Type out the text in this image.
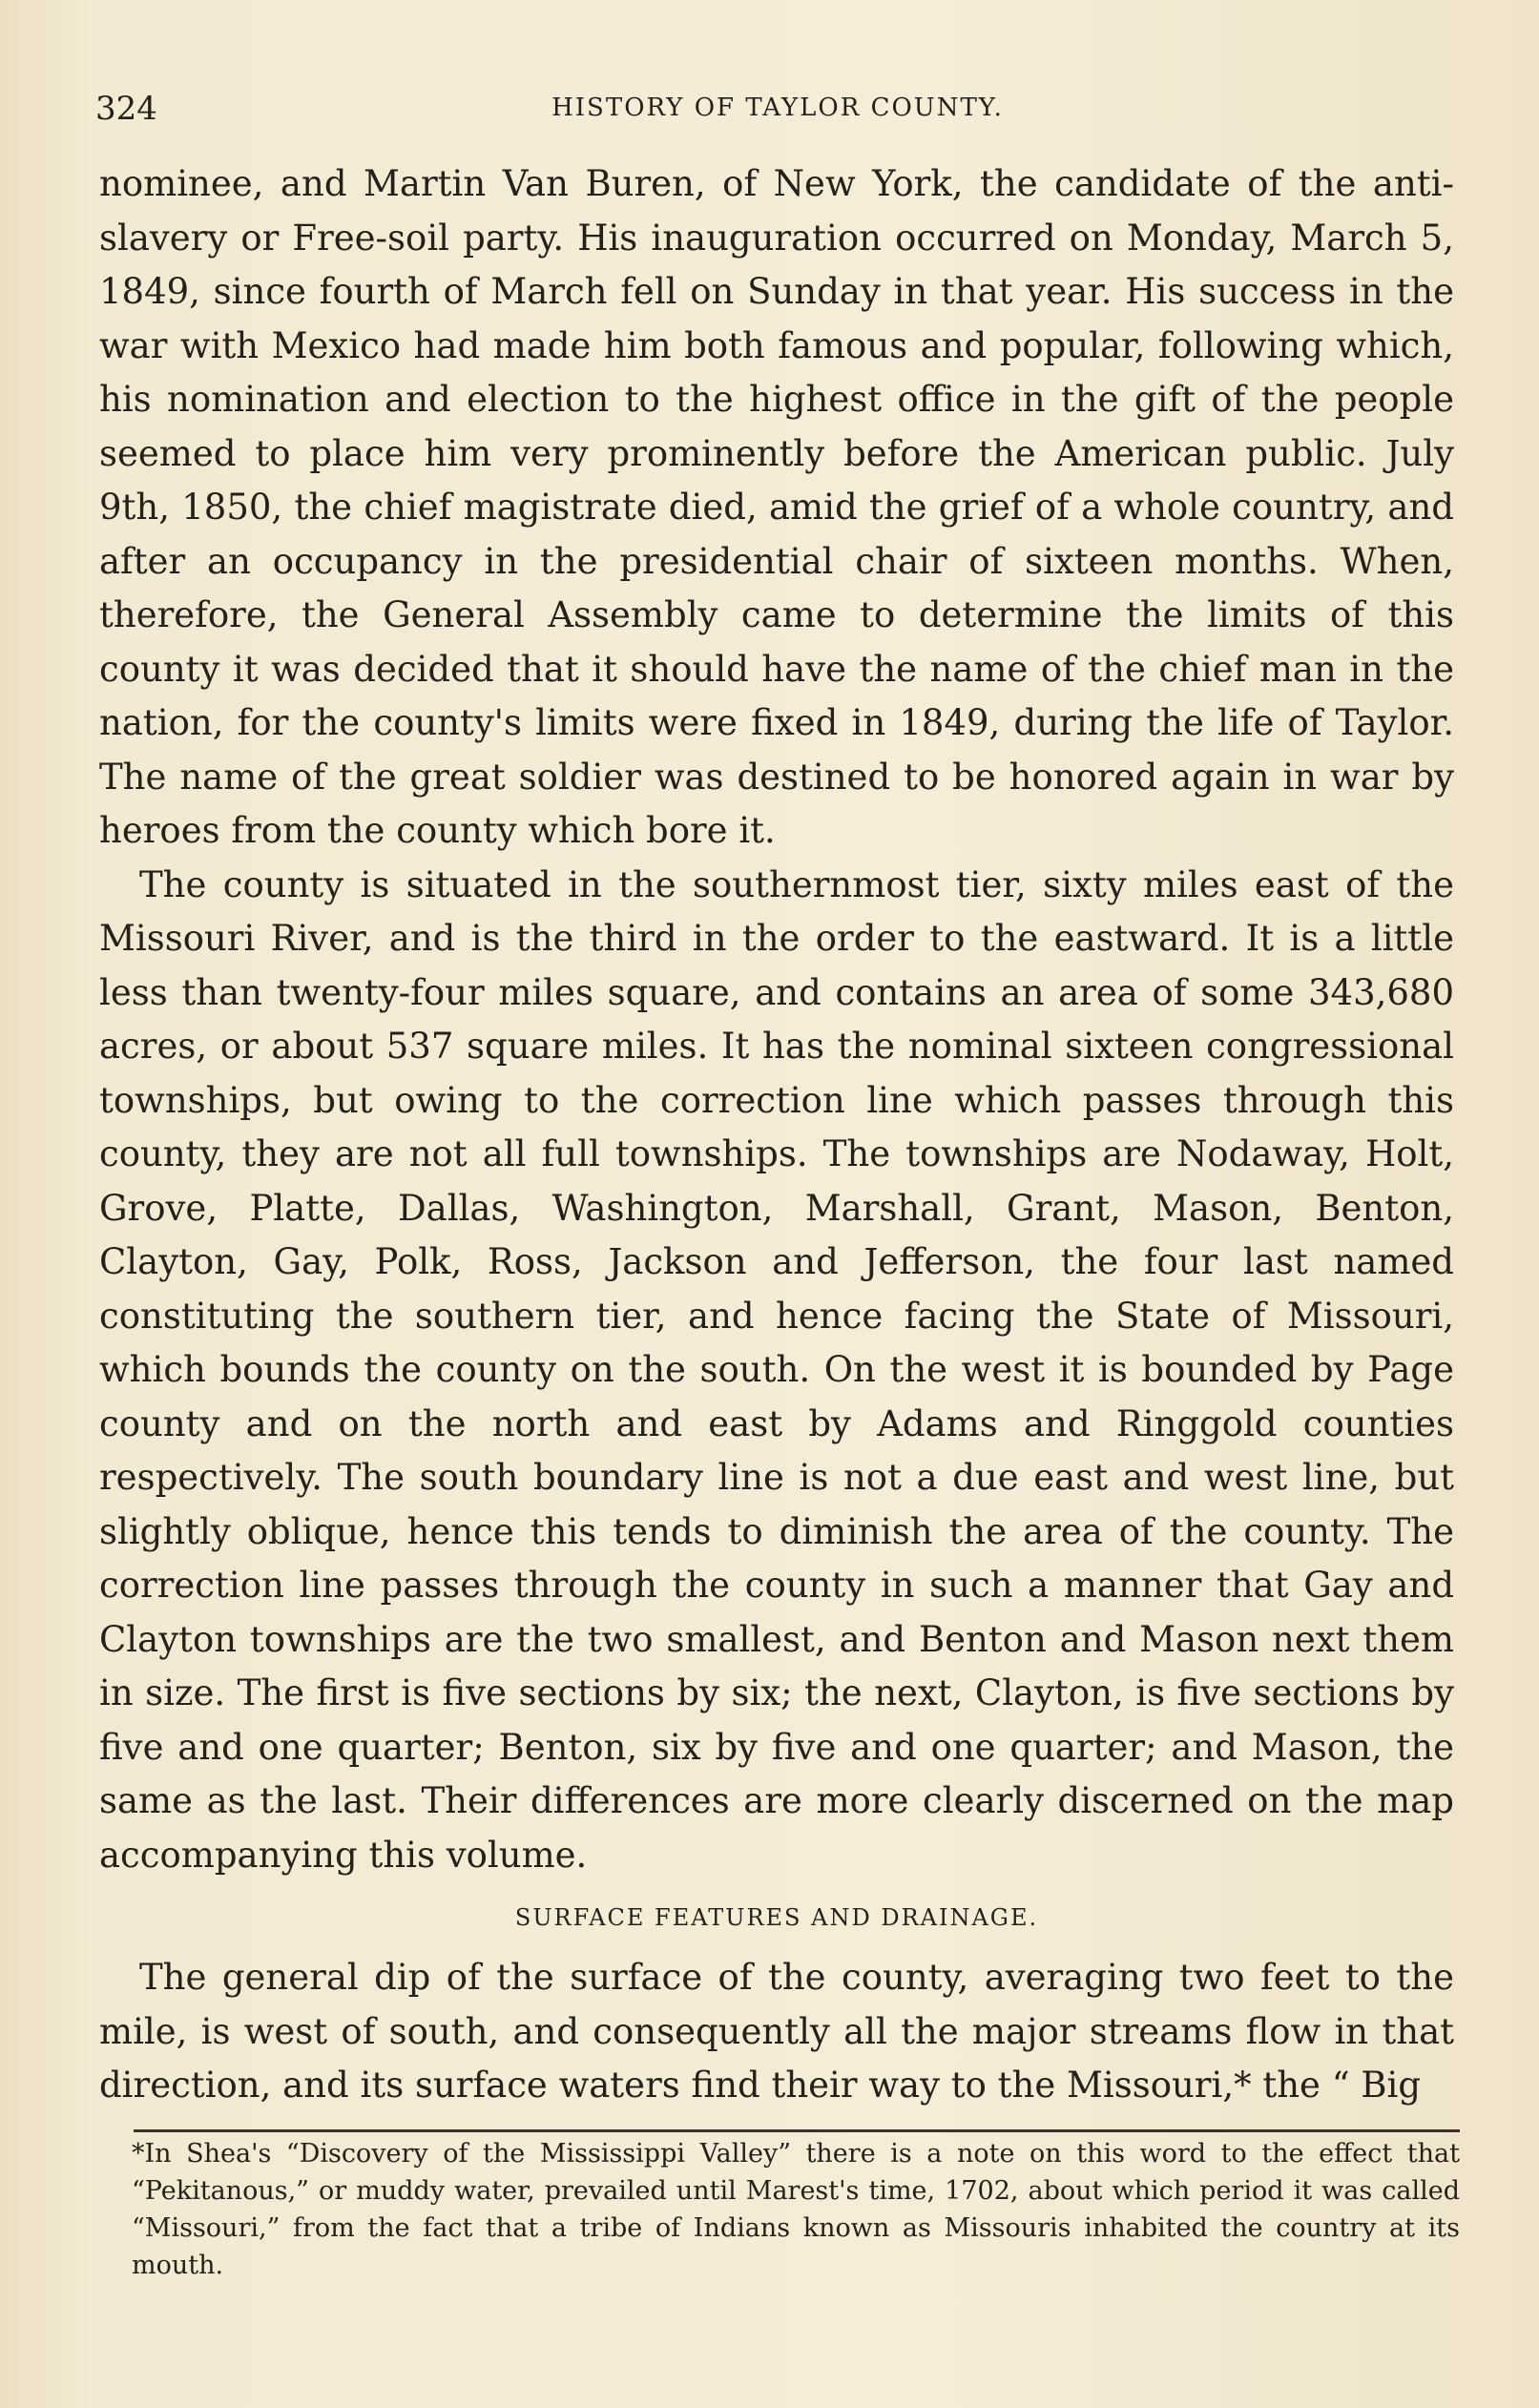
324	HISTORY OF TAYLOR COUNTY.

nominee, and Martin Van Buren, of New York, the candidate of the anti-slavery or Free-soil party. His inauguration occurred on Monday, March 5, 1849, since fourth of March fell on Sunday in that year. His success in the war with Mexico had made him both famous and popular, following which, his nomination and election to the highest office in the gift of the people seemed to place him very prominently before the American public. July 9th, 1850, the chief magistrate died, amid the grief of a whole country, and after an occupancy in the presidential chair of sixteen months. When, therefore, the General Assembly came to determine the limits of this county it was decided that it should have the name of the chief man in the nation, for the county's limits were fixed in 1849, during the life of Taylor. The name of the great soldier was destined to be honored again in war by heroes from the county which bore it.

The county is situated in the southernmost tier, sixty miles east of the Missouri River, and is the third in the order to the eastward. It is a little less than twenty-four miles square, and contains an area of some 343,680 acres, or about 537 square miles. It has the nominal sixteen congressional townships, but owing to the correction line which passes through this county, they are not all full townships. The townships are Nodaway, Holt, Grove, Platte, Dallas, Washington, Marshall, Grant, Mason, Benton, Clayton, Gay, Polk, Ross, Jackson and Jefferson, the four last named constituting the southern tier, and hence facing the State of Missouri, which bounds the county on the south. On the west it is bounded by Page county and on the north and east by Adams and Ringgold counties respectively. The south boundary line is not a due east and west line, but slightly oblique, hence this tends to diminish the area of the county. The correction line passes through the county in such a manner that Gay and Clayton townships are the two smallest, and Benton and Mason next them in size. The first is five sections by six; the next, Clayton, is five sections by five and one quarter; Benton, six by five and one quarter; and Mason, the same as the last. Their differences are more clearly discerned on the map accompanying this volume.

SURFACE FEATURES AND DRAINAGE.

The general dip of the surface of the county, averaging two feet to the mile, is west of south, and consequently all the major streams flow in that direction, and its surface waters find their way to the Missouri,* the “ Big

*In Shea's “Discovery of the Mississippi Valley” there is a note on this word to the effect that “Pekitanous,” or muddy water, prevailed until Marest's time, 1702, about which period it was called “Missouri,” from the fact that a tribe of Indians known as Missouris inhabited the country at its mouth.
